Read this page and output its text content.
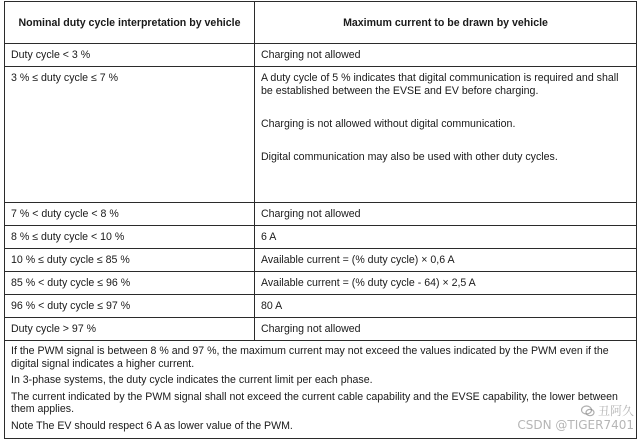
Nominal duty cycle interpretation by vehicle	Maximum current to be drawn by vehicle
Duty cycle < 3 %	Charging not allowed
3 % ≤ duty cycle ≤ 7 %	A duty cycle of 5 % indicates that digital communication is required and shall be established between the EVSE and EV before charging.

Charging is not allowed without digital communication.

Digital communication may also be used with other duty cycles.

7 % < duty cycle < 8 %	Charging not allowed
8 % ≤ duty cycle < 10 %	6 A
10 % ≤ duty cycle ≤ 85 %	Available current = (% duty cycle) × 0,6 A
85 % < duty cycle ≤ 96 %	Available current = (% duty cycle - 64) × 2,5 A
96 % < duty cycle ≤ 97 %	80 A
Duty cycle > 97 %	Charging not allowed

If the PWM signal is between 8 % and 97 %, the maximum current may not exceed the values indicated by the PWM even if the digital signal indicates a higher current.

In 3-phase systems, the duty cycle indicates the current limit per each phase.

The current indicated by the PWM signal shall not exceed the current cable capability and the EVSE capability, the lower between them applies.

Note The EV should respect 6 A as lower value of the PWM.	

丑阿久
CSDN @TIGER7401
